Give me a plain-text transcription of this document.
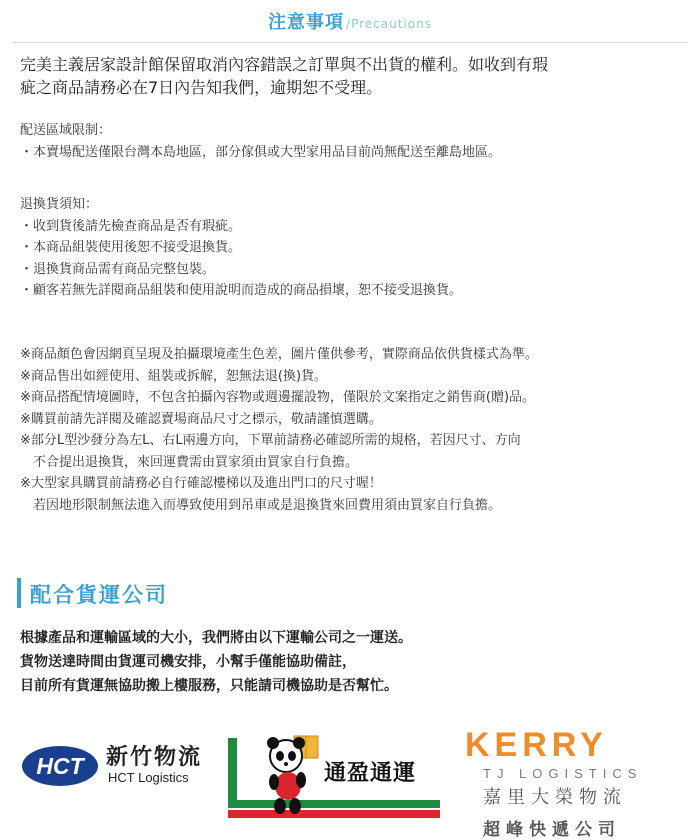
注意事項 /Precautions
完美主義居家設計館保留取消內容錯誤之訂單與不出貨的權利。如收到有瑕
疵之商品請務必在7日內告知我們，逾期恕不受理。
配送區域限制：
・本賣場配送僅限台灣本島地區，部分傢俱或大型家用品目前尚無配送至離島地區。
退換貨須知：
・收到貨後請先檢查商品是否有瑕疵。
・本商品組裝使用後恕不接受退換貨。
・退換貨商品需有商品完整包裝。
・顧客若無先詳閱商品組裝和使用說明而造成的商品損壞，恕不接受退換貨。
※商品顏色會因網頁呈現及拍攝環境產生色差，圖片僅供參考，實際商品依供貨樣式為準。
※商品售出如經使用、組裝或拆解，恕無法退(換)貨。
※商品搭配情境圖時，不包含拍攝內容物或週邊擺設物，僅限於文案指定之銷售商(贈)品。
※購買前請先詳閱及確認賣場商品尺寸之標示，敬請謹慎選購。
※部分L型沙發分為左L、右L兩邊方向，下單前請務必確認所需的規格，若因尺寸、方向
不合提出退換貨，來回運費需由買家須由買家自行負擔。
※大型家具購買前請務必自行確認樓梯以及進出門口的尺寸喔！
若因地形限制無法進入而導致使用到吊車或是退換貨來回費用須由買家自行負擔。
配合貨運公司
根據產品和運輸區域的大小，我們將由以下運輸公司之一運送。
貨物送達時間由貨運司機安排，小幫手僅能協助備註，
目前所有貨運無協助搬上樓服務，只能請司機協助是否幫忙。
HCT	新竹物流
HCT Logistics	通盈通運
KERRY
TJ LOGISTICS
嘉里大榮物流
超峰快遞公司
